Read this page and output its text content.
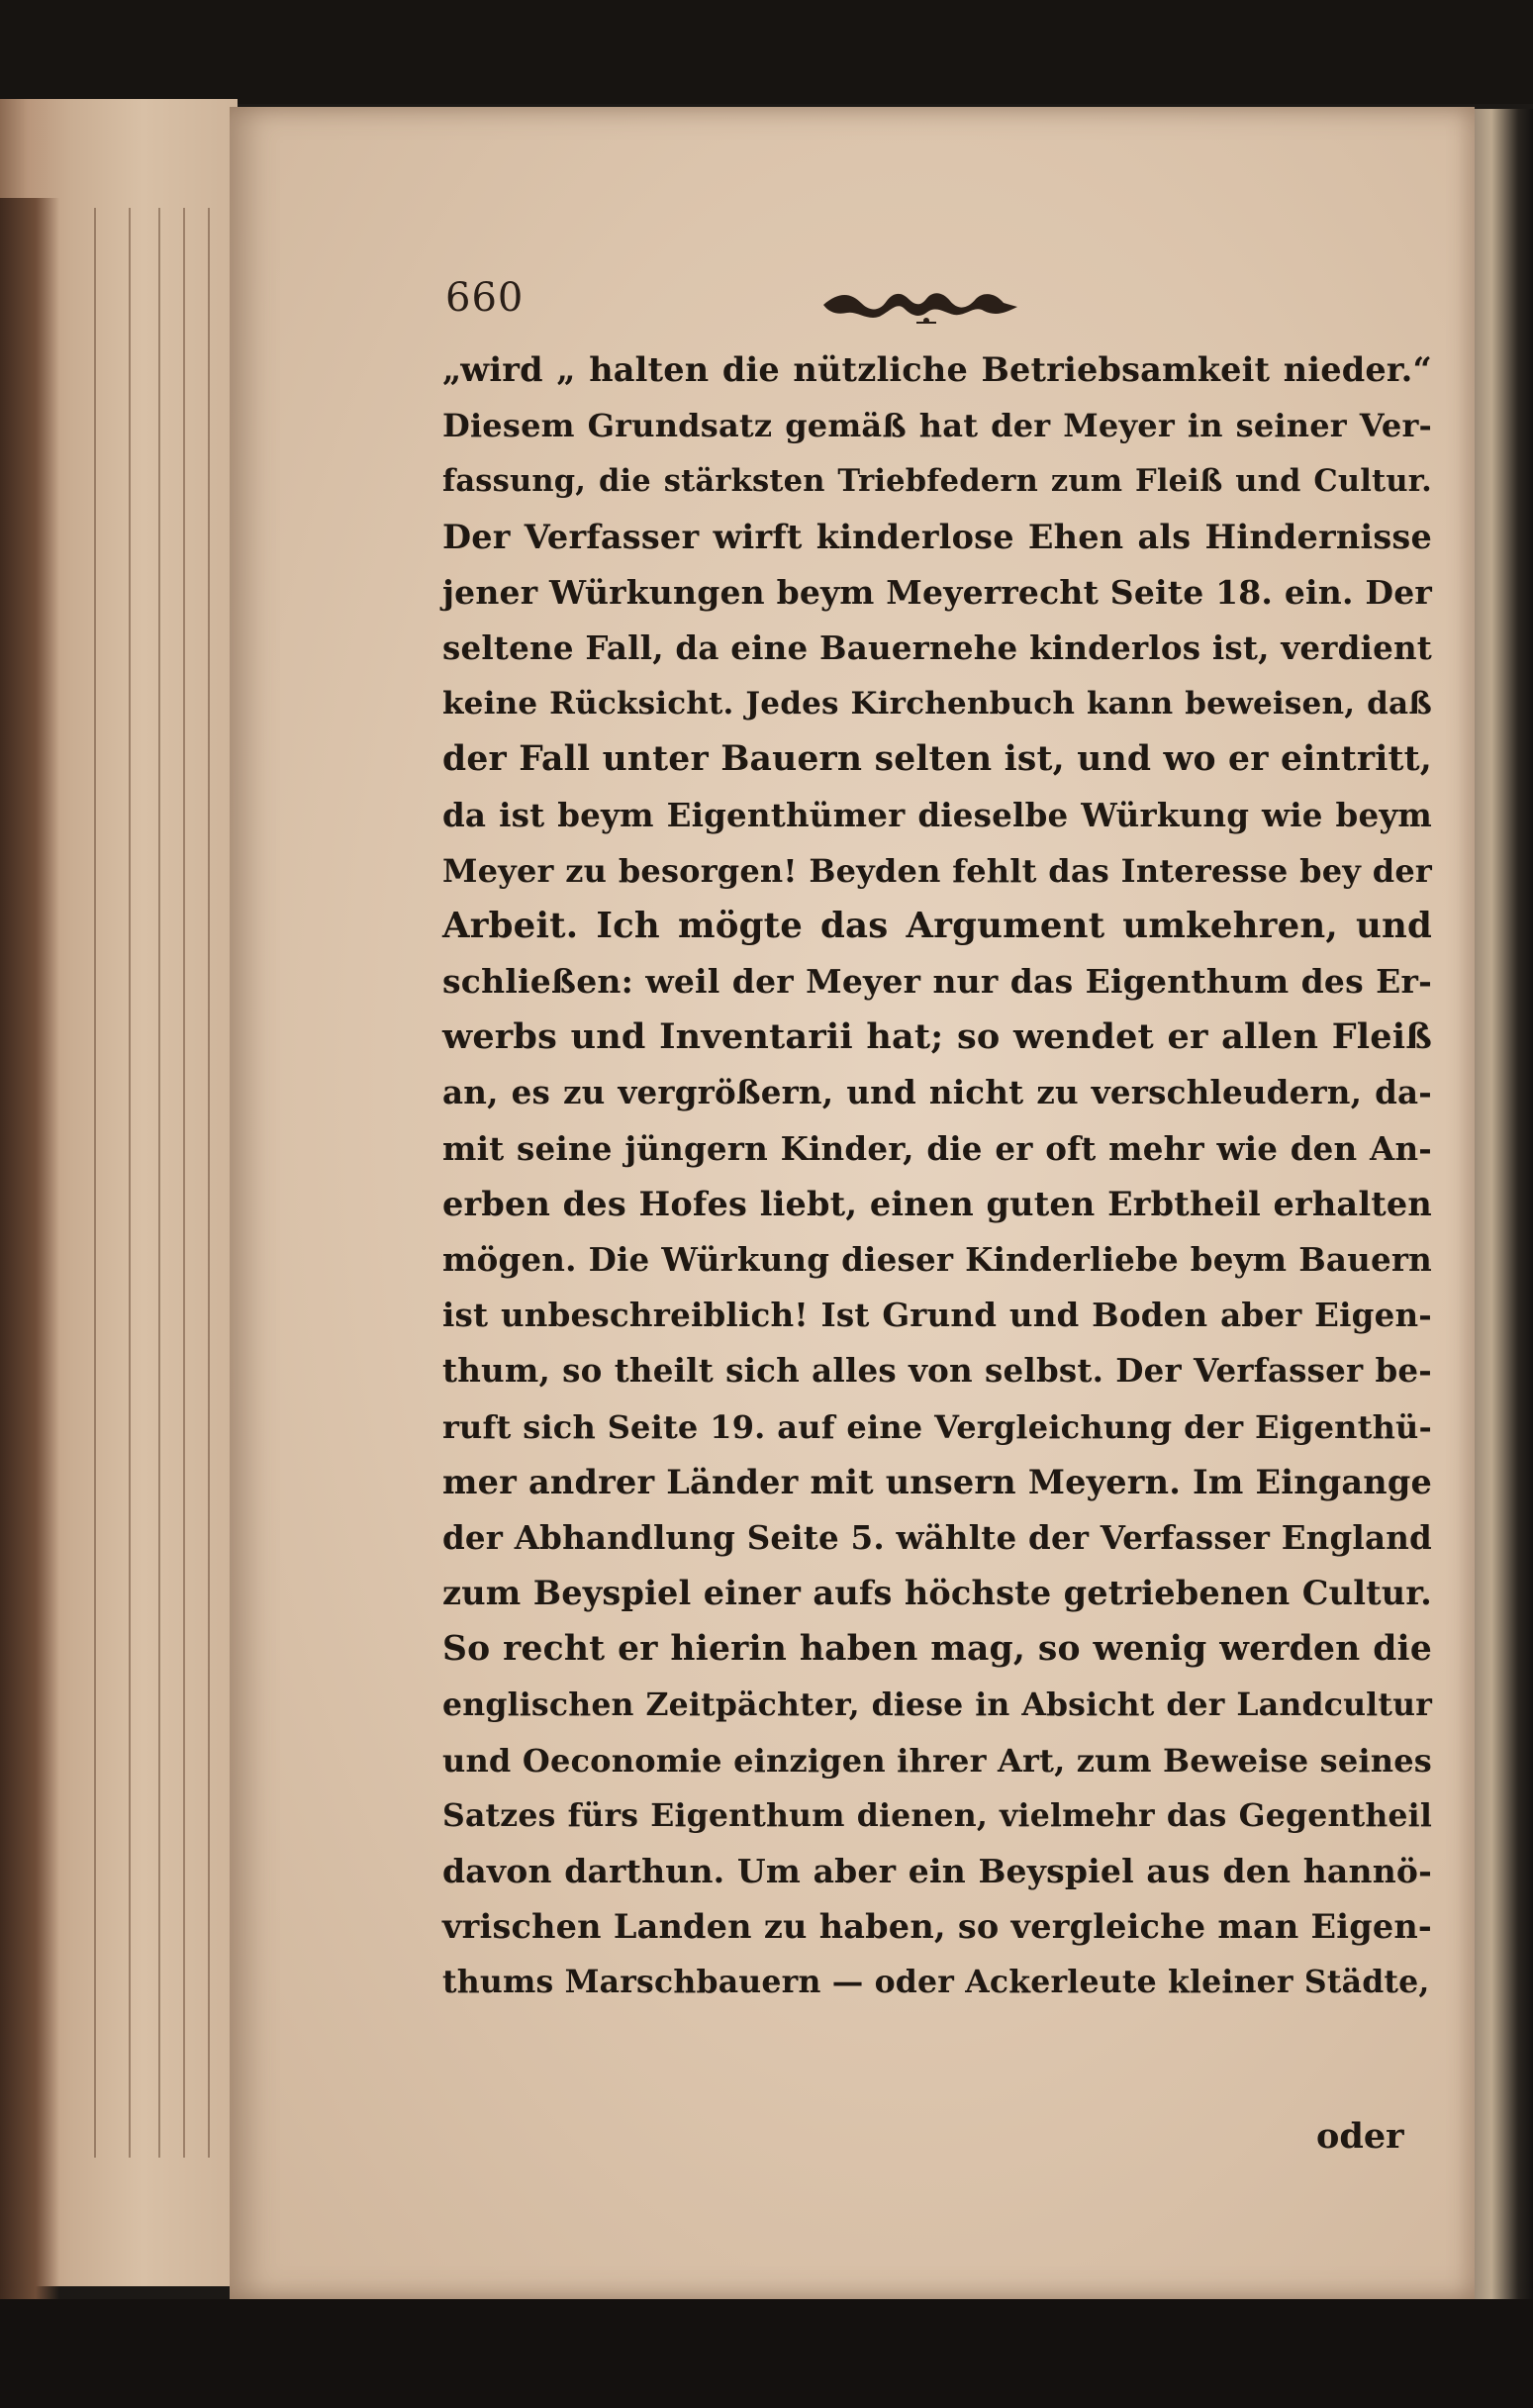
660
„wird „ halten die nützliche Betriebsamkeit nieder.“
Diesem Grundsatz gemäß hat der Meyer in seiner Ver-
fassung, die stärksten Triebfedern zum Fleiß und Cultur.
Der Verfasser wirft kinderlose Ehen als Hindernisse
jener Würkungen beym Meyerrecht Seite 18. ein. Der
seltene Fall, da eine Bauernehe kinderlos ist, verdient
keine Rücksicht. Jedes Kirchenbuch kann beweisen, daß
der Fall unter Bauern selten ist, und wo er eintritt,
da ist beym Eigenthümer dieselbe Würkung wie beym
Meyer zu besorgen! Beyden fehlt das Interesse bey der
Arbeit. Ich mögte das Argument umkehren, und
schließen: weil der Meyer nur das Eigenthum des Er-
werbs und Inventarii hat; so wendet er allen Fleiß
an, es zu vergrößern, und nicht zu verschleudern, da-
mit seine jüngern Kinder, die er oft mehr wie den An-
erben des Hofes liebt, einen guten Erbtheil erhalten
mögen. Die Würkung dieser Kinderliebe beym Bauern
ist unbeschreiblich! Ist Grund und Boden aber Eigen-
thum, so theilt sich alles von selbst. Der Verfasser be-
ruft sich Seite 19. auf eine Vergleichung der Eigenthü-
mer andrer Länder mit unsern Meyern. Im Eingange
der Abhandlung Seite 5. wählte der Verfasser England
zum Beyspiel einer aufs höchste getriebenen Cultur.
So recht er hierin haben mag, so wenig werden die
englischen Zeitpächter, diese in Absicht der Landcultur
und Oeconomie einzigen ihrer Art, zum Beweise seines
Satzes fürs Eigenthum dienen, vielmehr das Gegentheil
davon darthun. Um aber ein Beyspiel aus den hannö-
vrischen Landen zu haben, so vergleiche man Eigen-
thums Marschbauern — oder Ackerleute kleiner Städte,
oder
